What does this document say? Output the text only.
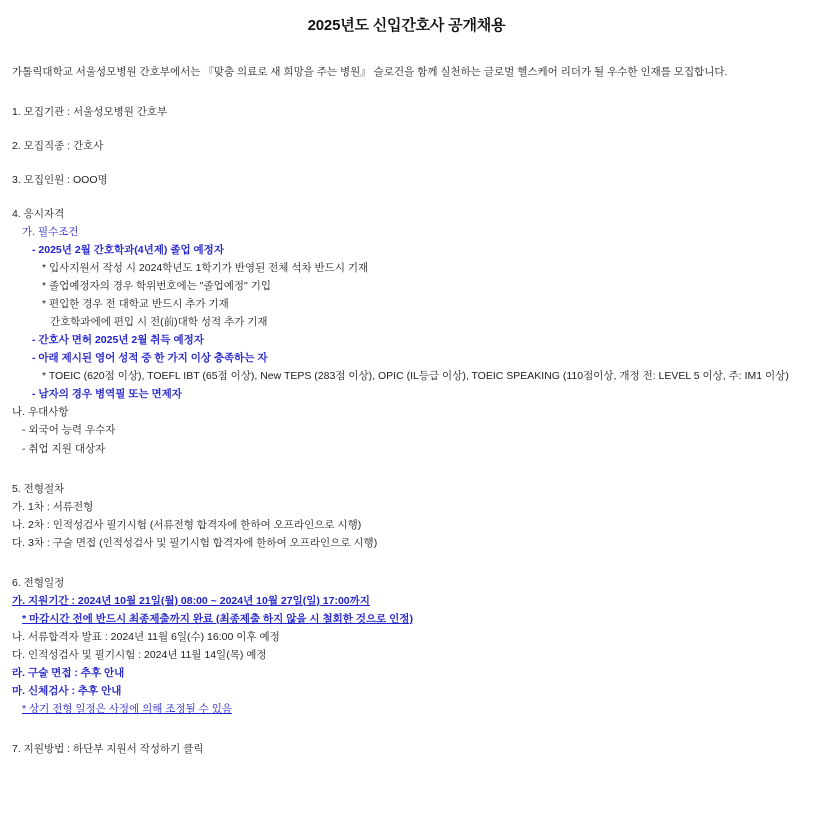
2025년도 신입간호사 공개채용
가톨릭대학교 서울성모병원 간호부에서는 『맞춤 의료로 새 희망을 주는 병원』 슬로건을 함께 실천하는 글로벌 헬스케어 리더가 될 우수한 인재를 모집합니다.
1. 모집기관 : 서울성모병원 간호부
2. 모집직종 : 간호사
3. 모집인원 : OOO명
4. 응시자격
가. 필수조건
- 2025년 2월 간호학과(4년제) 졸업 예정자
* 입사지원서 작성 시 2024학년도 1학기가 반영된 전체 석차 반드시 기재
* 졸업예정자의 경우 학위번호에는 "졸업예정" 기입
* 편입한 경우 전 대학교 반드시 추가 기재
간호학과에에 편입 시 전(前)대학 성적 추가 기재
- 간호사 면허 2025년 2월 취득 예정자
- 아래 제시된 영어 성적 중 한 가지 이상 충족하는 자
* TOEIC (620점 이상), TOEFL IBT (65점 이상), New TEPS (283점 이상), OPIC (IL등급 이상), TOEIC SPEAKING (110점이상, 개정 전: LEVEL 5 이상, 주: IM1 이상)
- 남자의 경우 병역필 또는 면제자
나. 우대사항
- 외국어 능력 우수자
- 취업 지원 대상자
5. 전형절차
가. 1차 : 서류전형
나. 2차 : 인적성검사 필기시험 (서류전형 합격자에 한하여 오프라인으로 시행)
다. 3차 : 구술 면접 (인적성검사 및 필기시험 합격자에 한하여 오프라인으로 시행)
6. 전형일정
가. 지원기간 : 2024년 10월 21일(월) 08:00 ~ 2024년 10월 27일(일) 17:00까지
* 마감시간 전에 반드시 최종제출까지 완료 (최종제출 하지 않을 시 철회한 것으로 인정)
나. 서류합격자 발표 : 2024년 11월 6일(수) 16:00 이후 예정
다. 인적성검사 및 필기시험 : 2024년 11월 14일(목) 예정
라. 구술 면접 : 추후 안내
마. 신체검사 : 추후 안내
* 상기 전형 일정은 사정에 의해 조정될 수 있음
7. 지원방법 : 하단부 지원서 작성하기 클릭
